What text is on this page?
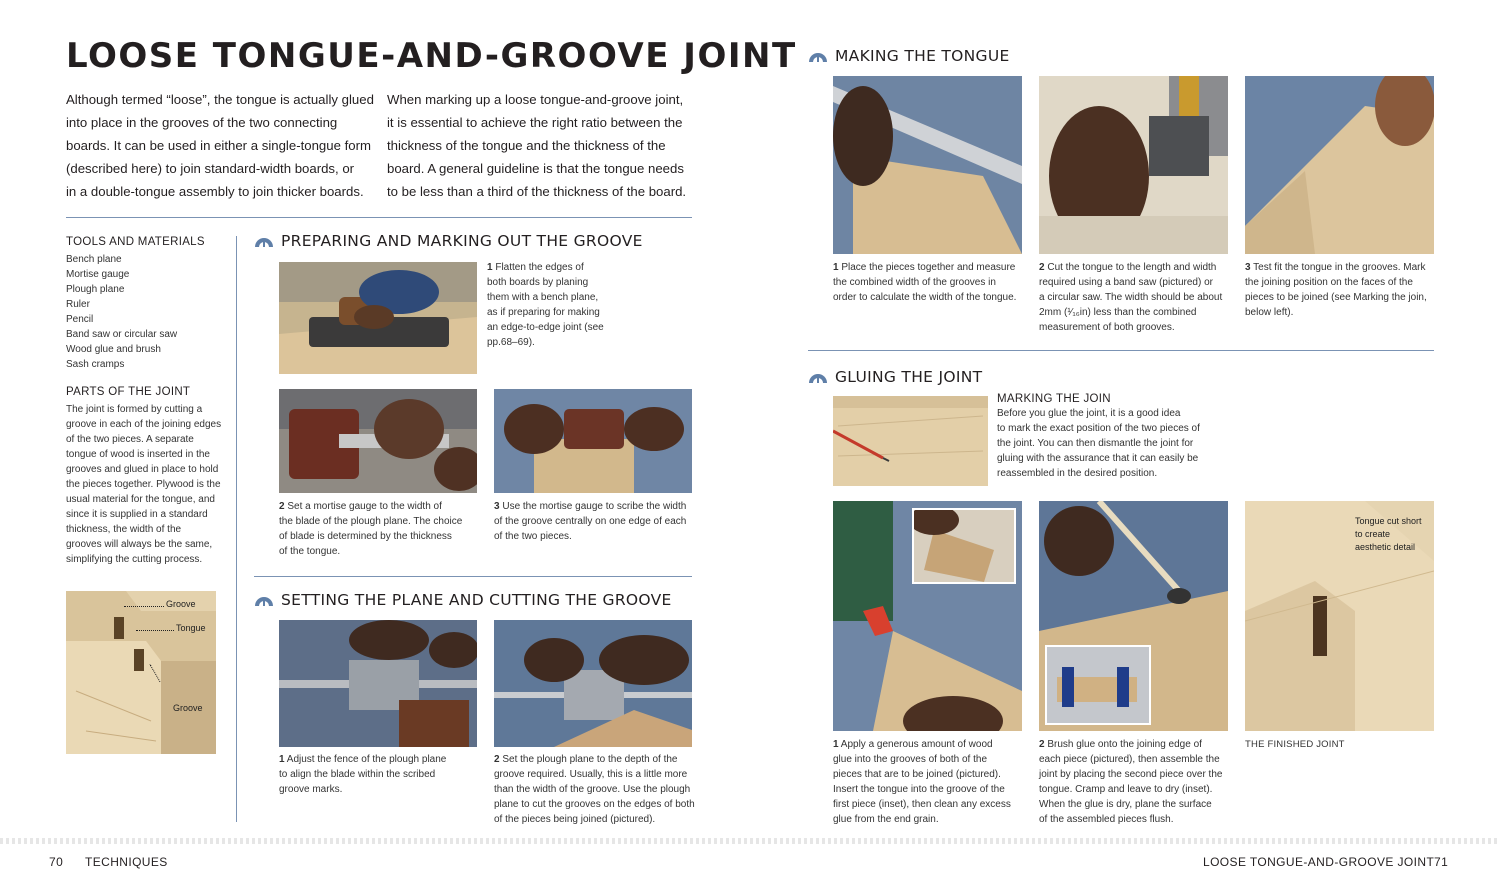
LOOSE TONGUE-AND-GROOVE JOINT
Although termed “loose”, the tongue is actually glued
into place in the grooves of the two connecting
boards. It can be used in either a single-tongue form
(described here) to join standard-width boards, or
in a double-tongue assembly to join thicker boards.
When marking up a loose tongue-and-groove joint,
it is essential to achieve the right ratio between the
thickness of the tongue and the thickness of the
board. A general guideline is that the tongue needs
to be less than a third of the thickness of the board.
TOOLS AND MATERIALS
Bench plane
Mortise gauge
Plough plane
Ruler
Pencil
Band saw or circular saw
Wood glue and brush
Sash cramps
PARTS OF THE JOINT
The joint is formed by cutting a
groove in each of the joining edges
of the two pieces. A separate
tongue of wood is inserted in the
grooves and glued in place to hold
the pieces together. Plywood is the
usual material for the tongue, and
since it is supplied in a standard
thickness, the width of the
grooves will always be the same,
simplifying the cutting process.
Groove
Tongue
Groove
PREPARING AND MARKING OUT THE GROOVE
1 Flatten the edges of
both boards by planing
them with a bench plane,
as if preparing for making
an edge-to-edge joint (see
pp.68–69).
2 Set a mortise gauge to the width of
the blade of the plough plane. The choice
of blade is determined by the thickness
of the tongue.
3 Use the mortise gauge to scribe the width
of the groove centrally on one edge of each
of the two pieces.
SETTING THE PLANE AND CUTTING THE GROOVE
1 Adjust the fence of the plough plane
to align the blade within the scribed
groove marks.
2 Set the plough plane to the depth of the
groove required. Usually, this is a little more
than the width of the groove. Use the plough
plane to cut the grooves on the edges of both
of the pieces being joined (pictured).
MAKING THE TONGUE
1 Place the pieces together and measure
the combined width of the grooves in
order to calculate the width of the tongue.
2 Cut the tongue to the length and width
required using a band saw (pictured) or
a circular saw. The width should be about
2mm (¹⁄₁₆in) less than the combined
measurement of both grooves.
3 Test fit the tongue in the grooves. Mark
the joining position on the faces of the
pieces to be joined (see Marking the join,
below left).
GLUING THE JOINT
MARKING THE JOIN
Before you glue the joint, it is a good idea
to mark the exact position of the two pieces of
the joint. You can then dismantle the joint for
gluing with the assurance that it can easily be
reassembled in the desired position.
Tongue cut short to create aesthetic detail
1 Apply a generous amount of wood
glue into the grooves of both of the
pieces that are to be joined (pictured).
Insert the tongue into the groove of the
first piece (inset), then clean any excess
glue from the end grain.
2 Brush glue onto the joining edge of
each piece (pictured), then assemble the
joint by placing the second piece over the
tongue. Cramp and leave to dry (inset).
When the glue is dry, plane the surface
of the assembled pieces flush.
THE FINISHED JOINT
70 TECHNIQUES	LOOSE TONGUE-AND-GROOVE JOINT 71
